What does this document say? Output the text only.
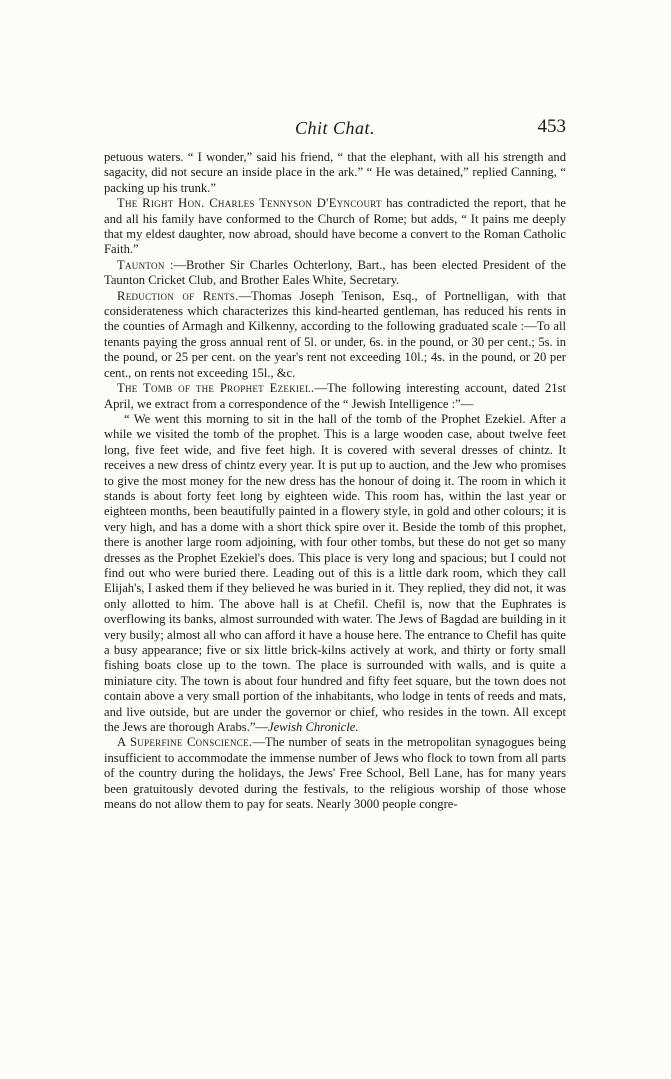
Chit Chat.	453

petuous waters. “ I wonder,” said his friend, “ that the elephant, with all his strength and sagacity, did not secure an inside place in the ark.” “ He was detained,” replied Canning, “ packing up his trunk.”

The Right Hon. Charles Tennyson D'Eyncourt has contradicted the report, that he and all his family have conformed to the Church of Rome; but adds, “ It pains me deeply that my eldest daughter, now abroad, should have become a convert to the Roman Catholic Faith.”

Taunton :—Brother Sir Charles Ochterlony, Bart., has been elected President of the Taunton Cricket Club, and Brother Eales White, Secretary.

Reduction of Rents.—Thomas Joseph Tenison, Esq., of Portnelligan, with that considerateness which characterizes this kind-hearted gentleman, has reduced his rents in the counties of Armagh and Kilkenny, according to the following graduated scale :—To all tenants paying the gross annual rent of 5l. or under, 6s. in the pound, or 30 per cent.; 5s. in the pound, or 25 per cent. on the year's rent not exceeding 10l.; 4s. in the pound, or 20 per cent., on rents not exceeding 15l., &c.

The Tomb of the Prophet Ezekiel.—The following interesting account, dated 21st April, we extract from a correspondence of the “ Jewish Intelligence :”—

“ We went this morning to sit in the hall of the tomb of the Prophet Ezekiel. After a while we visited the tomb of the prophet. This is a large wooden case, about twelve feet long, five feet wide, and five feet high. It is covered with several dresses of chintz. It receives a new dress of chintz every year. It is put up to auction, and the Jew who promises to give the most money for the new dress has the honour of doing it. The room in which it stands is about forty feet long by eighteen wide. This room has, within the last year or eighteen months, been beautifully painted in a flowery style, in gold and other colours; it is very high, and has a dome with a short thick spire over it. Beside the tomb of this prophet, there is another large room adjoining, with four other tombs, but these do not get so many dresses as the Prophet Ezekiel's does. This place is very long and spacious; but I could not find out who were buried there. Leading out of this is a little dark room, which they call Elijah's, I asked them if they believed he was buried in it. They replied, they did not, it was only allotted to him. The above hall is at Chefil. Chefil is, now that the Euphrates is overflowing its banks, almost surrounded with water. The Jews of Bagdad are building in it very busily; almost all who can afford it have a house here. The entrance to Chefil has quite a busy appearance; five or six little brick-kilns actively at work, and thirty or forty small fishing boats close up to the town. The place is surrounded with walls, and is quite a miniature city. The town is about four hundred and fifty feet square, but the town does not contain above a very small portion of the inhabitants, who lodge in tents of reeds and mats, and live outside, but are under the governor or chief, who resides in the town. All except the Jews are thorough Arabs.”—Jewish Chronicle.

A Superfine Conscience.—The number of seats in the metropolitan synagogues being insufficient to accommodate the immense number of Jews who flock to town from all parts of the country during the holidays, the Jews' Free School, Bell Lane, has for many years been gratuitously devoted during the festivals, to the religious worship of those whose means do not allow them to pay for seats. Nearly 3000 people congre-
